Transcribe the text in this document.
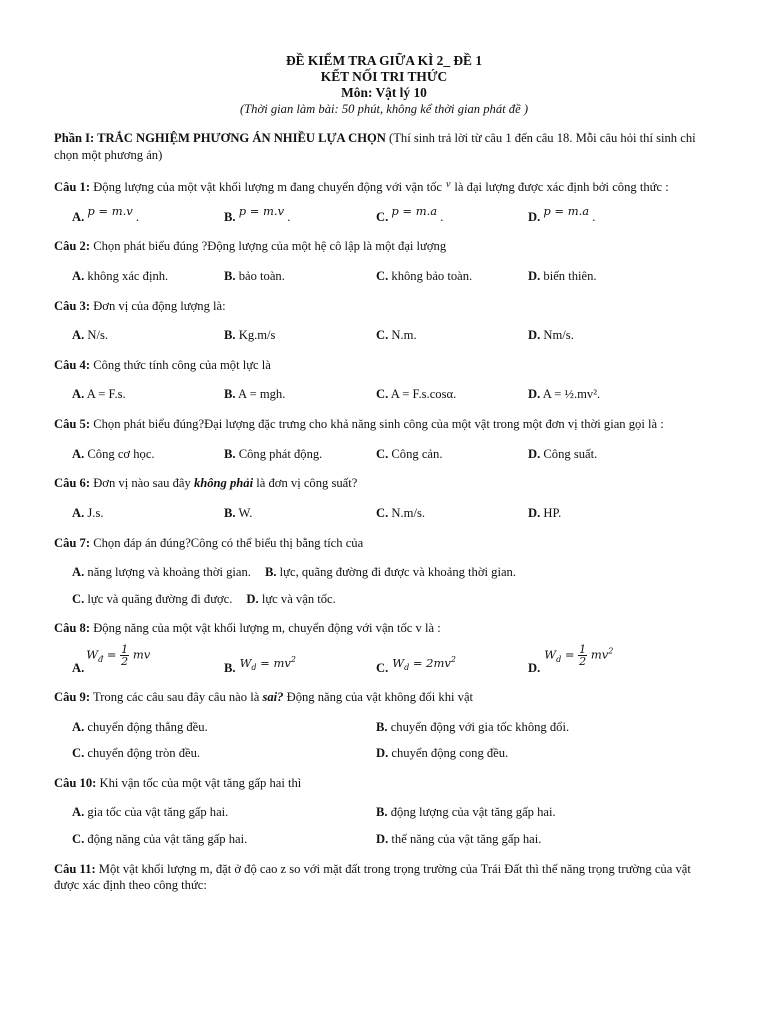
ĐỀ KIỂM TRA GIỮA KÌ 2_ ĐỀ 1
KẾT NỐI TRI THỨC
Môn: Vật lý 10
(Thời gian làm bài: 50 phút, không kể thời gian phát đề )
Phần I: TRẮC NGHIỆM PHƯƠNG ÁN NHIỀU LỰA CHỌN (Thí sinh trả lời từ câu 1 đến câu 18. Mỗi câu hỏi thí sinh chỉ chọn một phương án)
Câu 1: Động lượng của một vật khối lượng m đang chuyển động với vận tốc $^v$ là đại lượng được xác định bởi công thức :
A. p = m.v .	B. p = m.v .	C. p = m.a .	D. p = m.a .
Câu 2: Chọn phát biểu đúng ?Động lượng của một hệ cô lập là một đại lượng
A. không xác định.	B. bảo toàn.	C. không bảo toàn.	D. biến thiên.
Câu 3: Đơn vị của động lượng là:
A. N/s.	B. Kg.m/s	C. N.m.	D. Nm/s.
Câu 4: Công thức tính công của một lực là
A. A = F.s.	B. A = mgh.	C. A = F.s.cosα.	D. A = ½.mv².
Câu 5: Chọn phát biểu đúng?Đại lượng đặc trưng cho khả năng sinh công của một vật trong một đơn vị thời gian gọi là :
A. Công cơ học.	B. Công phát động.	C. Công cản.	D. Công suất.
Câu 6: Đơn vị nào sau đây không phải là đơn vị công suất?
A. J.s.	B. W.	C. N.m/s.	D. HP.
Câu 7: Chọn đáp án đúng?Công có thể biểu thị bằng tích của
A. năng lượng và khoảng thời gian. B. lực, quãng đường đi được và khoảng thời gian.
C. lực và quãng đường đi được. D. lực và vận tốc.
Câu 8: Động năng của một vật khối lượng m, chuyển động với vận tốc v là :
A.
$W_đ = \frac{1}{2}$ mv
B. $W_d = mv^2$
C. $W_d = 2mv^2$
D.
$W_d = \frac{1}{2} mv^2$
Câu 9: Trong các câu sau đây câu nào là sai? Động năng của vật không đổi khi vật
A. chuyển động thẳng đều.	B. chuyển động với gia tốc không đổi.
C. chuyển động tròn đều.	D. chuyển động cong đều.
Câu 10: Khi vận tốc của một vật tăng gấp hai thì
A. gia tốc của vật tăng gấp hai.	B. động lượng của vật tăng gấp hai.
C. động năng của vật tăng gấp hai.	D. thế năng của vật tăng gấp hai.
Câu 11: Một vật khối lượng m, đặt ở độ cao z so với mặt đất trong trọng trường của Trái Đất thì thế năng trọng trường của vật được xác định theo công thức:
